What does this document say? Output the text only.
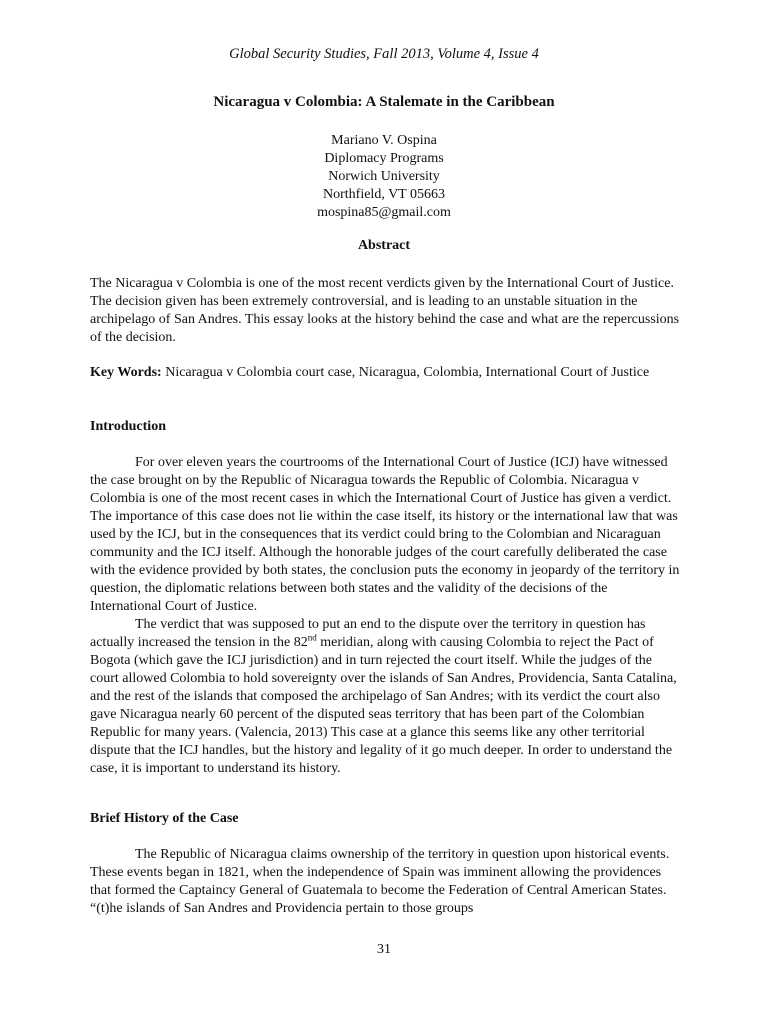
Global Security Studies, Fall 2013, Volume 4, Issue 4
Nicaragua v Colombia: A Stalemate in the Caribbean
Mariano V. Ospina
Diplomacy Programs
Norwich University
Northfield, VT 05663
mospina85@gmail.com
Abstract

The Nicaragua v Colombia is one of the most recent verdicts given by the International Court of Justice. The decision given has been extremely controversial, and is leading to an unstable situation in the archipelago of San Andres. This essay looks at the history behind the case and what are the repercussions of the decision.

Key Words: Nicaragua v Colombia court case, Nicaragua, Colombia, International Court of Justice

Introduction

For over eleven years the courtrooms of the International Court of Justice (ICJ) have witnessed the case brought on by the Republic of Nicaragua towards the Republic of Colombia. Nicaragua v Colombia is one of the most recent cases in which the International Court of Justice has given a verdict. The importance of this case does not lie within the case itself, its history or the international law that was used by the ICJ, but in the consequences that its verdict could bring to the Colombian and Nicaraguan community and the ICJ itself. Although the honorable judges of the court carefully deliberated the case with the evidence provided by both states, the conclusion puts the economy in jeopardy of the territory in question, the diplomatic relations between both states and the validity of the decisions of the International Court of Justice.

The verdict that was supposed to put an end to the dispute over the territory in question has actually increased the tension in the 82nd meridian, along with causing Colombia to reject the Pact of Bogota (which gave the ICJ jurisdiction) and in turn rejected the court itself. While the judges of the court allowed Colombia to hold sovereignty over the islands of San Andres, Providencia, Santa Catalina, and the rest of the islands that composed the archipelago of San Andres; with its verdict the court also gave Nicaragua nearly 60 percent of the disputed seas territory that has been part of the Colombian Republic for many years. (Valencia, 2013) This case at a glance this seems like any other territorial dispute that the ICJ handles, but the history and legality of it go much deeper. In order to understand the case, it is important to understand its history.

Brief History of the Case

The Republic of Nicaragua claims ownership of the territory in question upon historical events. These events began in 1821, when the independence of Spain was imminent allowing the providences that formed the Captaincy General of Guatemala to become the Federation of Central American States. “(t)he islands of San Andres and Providencia pertain to those groups

31
